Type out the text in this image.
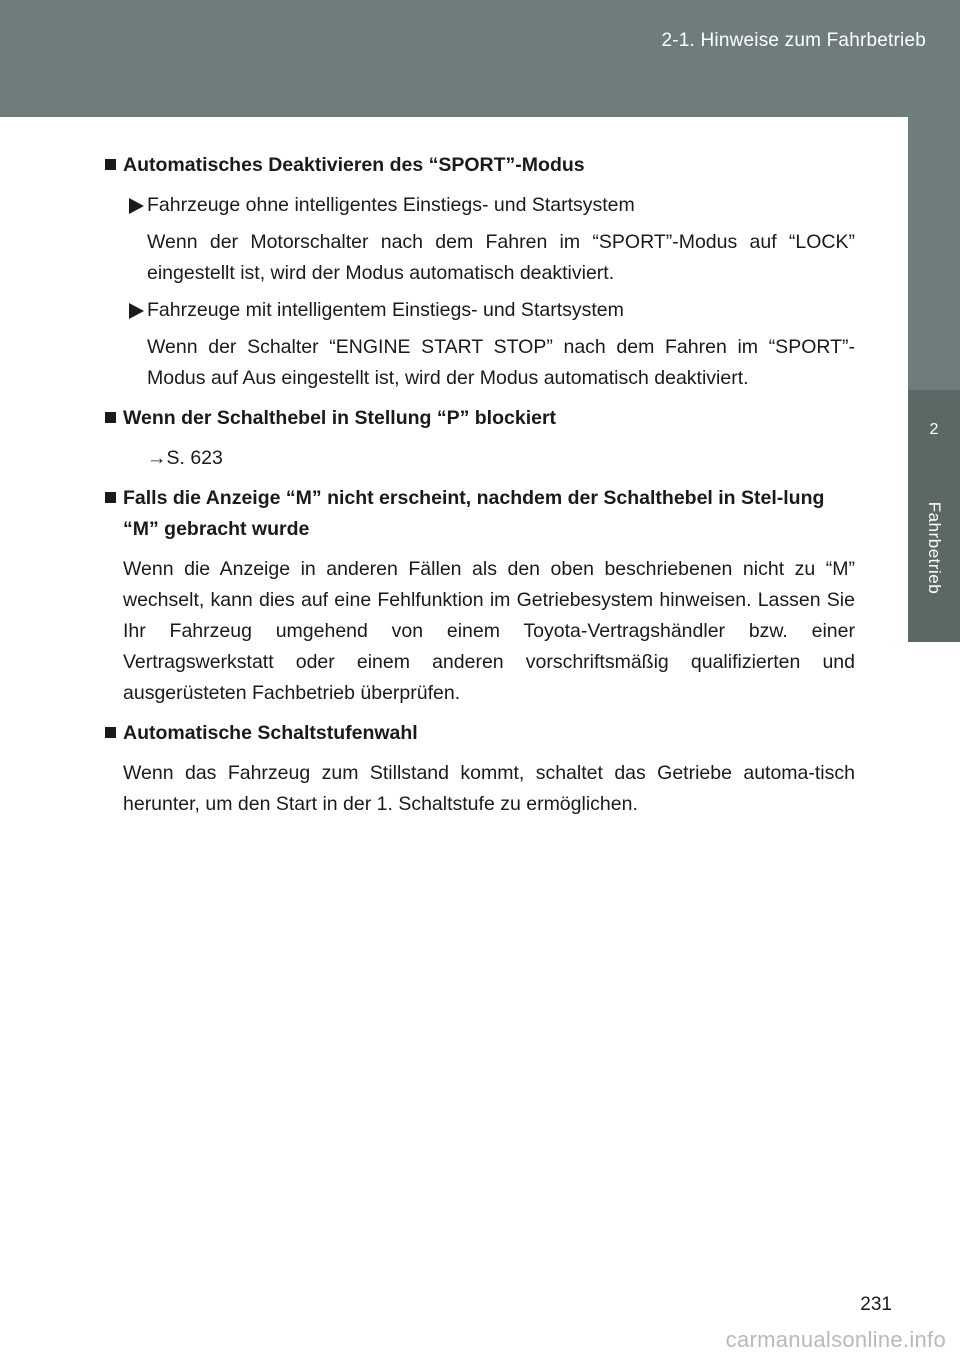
2-1. Hinweise zum Fahrbetrieb
2
Fahrbetrieb
Automatisches Deaktivieren des “SPORT”-Modus
Fahrzeuge ohne intelligentes Einstiegs- und Startsystem
Wenn der Motorschalter nach dem Fahren im “SPORT”-Modus auf “LOCK” eingestellt ist, wird der Modus automatisch deaktiviert.
Fahrzeuge mit intelligentem Einstiegs- und Startsystem
Wenn der Schalter “ENGINE START STOP” nach dem Fahren im “SPORT”-Modus auf Aus eingestellt ist, wird der Modus automatisch deaktiviert.
Wenn der Schalthebel in Stellung “P” blockiert
→S. 623
Falls die Anzeige “M” nicht erscheint, nachdem der Schalthebel in Stel-lung “M” gebracht wurde
Wenn die Anzeige in anderen Fällen als den oben beschriebenen nicht zu “M” wechselt, kann dies auf eine Fehlfunktion im Getriebesystem hinweisen. Lassen Sie Ihr Fahrzeug umgehend von einem Toyota-Vertragshändler bzw. einer Vertragswerkstatt oder einem anderen vorschriftsmäßig qualifizierten und ausgerüsteten Fachbetrieb überprüfen.
Automatische Schaltstufenwahl
Wenn das Fahrzeug zum Stillstand kommt, schaltet das Getriebe automa-tisch herunter, um den Start in der 1. Schaltstufe zu ermöglichen.
231
carmanualsonline.info
